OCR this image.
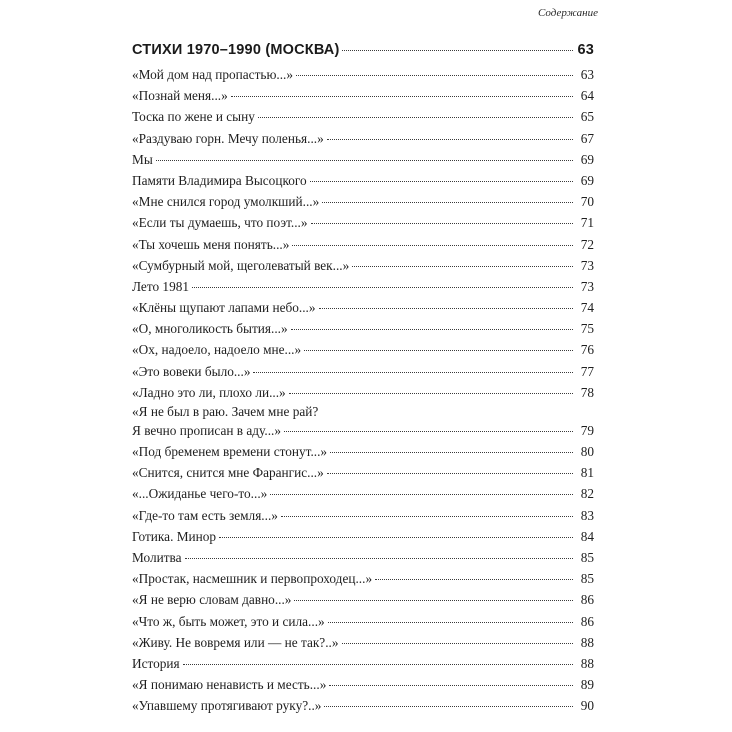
Содержание
СТИХИ 1970–1990 (МОСКВА)	63
«Мой дом над пропастью...»	63
«Познай меня...»	64
Тоска по жене и сыну	65
«Раздуваю горн. Мечу поленья...»	67
Мы	69
Памяти Владимира Высоцкого	69
«Мне снился город умолкший...»	70
«Если ты думаешь, что поэт...»	71
«Ты хочешь меня понять...»	72
«Сумбурный мой, щеголеватый век...»	73
Лето 1981	73
«Клёны щупают лапами небо...»	74
«О, многоликость бытия...»	75
«Ох, надоело, надоело мне...»	76
«Это вовеки было...»	77
«Ладно это ли, плохо ли...»	78
«Я не был в раю. Зачем мне рай?
Я вечно прописан в аду...»	79
«Под бременем времени стонут...»	80
«Снится, снится мне Фарангис...»	81
«...Ожиданье чего-то...»	82
«Где-то там есть земля...»	83
Готика. Минор	84
Молитва	85
«Простак, насмешник и первопроходец...»	85
«Я не верю словам давно...»	86
«Что ж, быть может, это и сила...»	86
«Живу. Не вовремя или — не так?..»	88
История	88
«Я понимаю ненависть и месть...»	89
«Упавшему протягивают руку?..»	90
